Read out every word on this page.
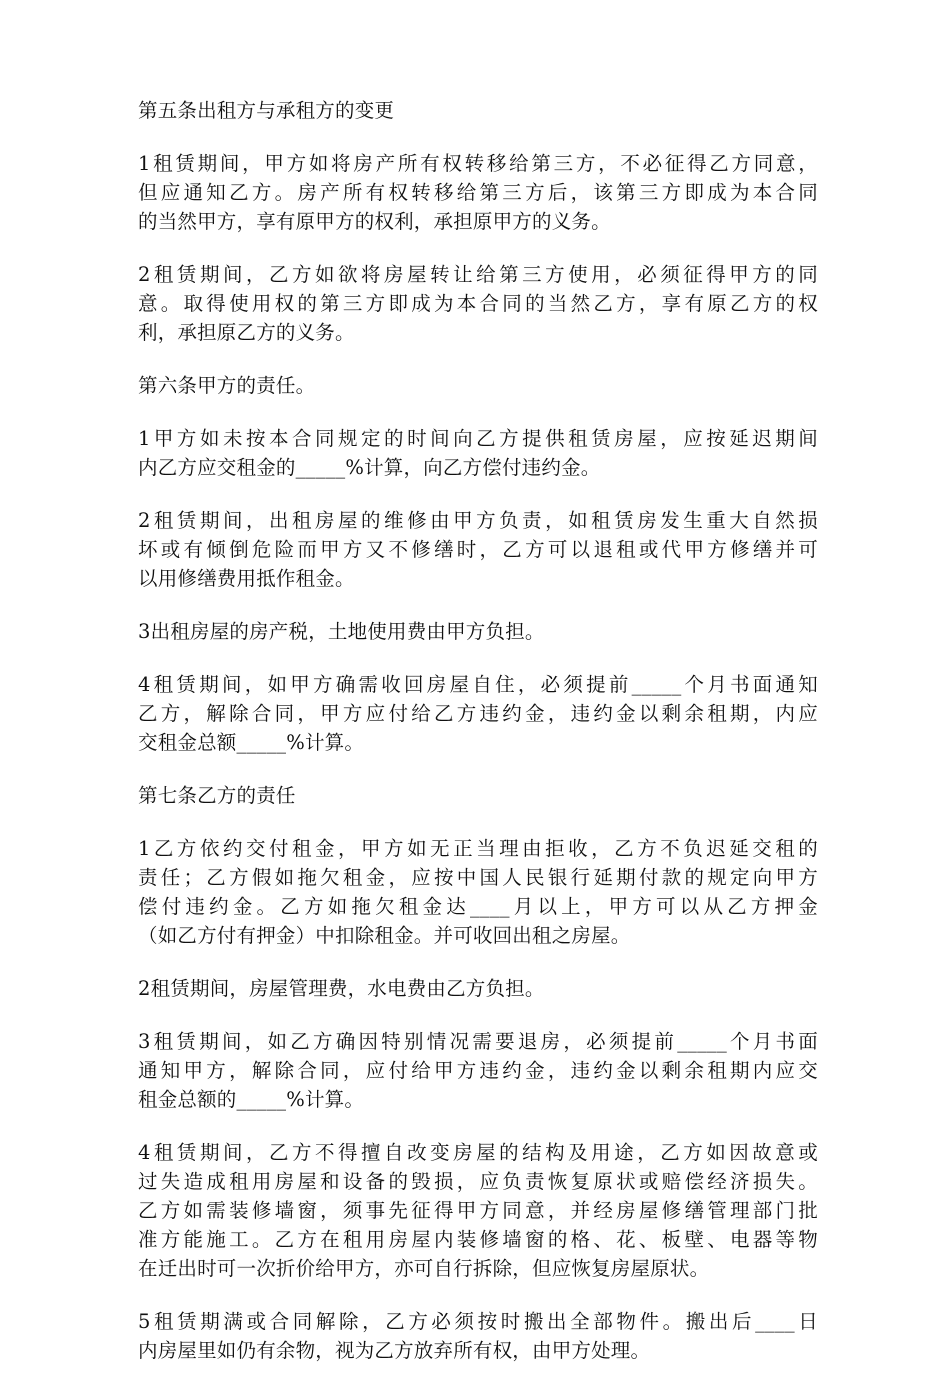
第五条出租方与承租方的变更
1租赁期间，甲方如将房产所有权转移给第三方，不必征得乙方同意，
但应通知乙方。房产所有权转移给第三方后，该第三方即成为本合同
的当然甲方，享有原甲方的权利，承担原甲方的义务。
2租赁期间，乙方如欲将房屋转让给第三方使用，必须征得甲方的同
意。取得使用权的第三方即成为本合同的当然乙方，享有原乙方的权
利，承担原乙方的义务。
第六条甲方的责任。
1甲方如未按本合同规定的时间向乙方提供租赁房屋，应按延迟期间
内乙方应交租金的_____%计算，向乙方偿付违约金。
2租赁期间，出租房屋的维修由甲方负责，如租赁房发生重大自然损
坏或有倾倒危险而甲方又不修缮时，乙方可以退租或代甲方修缮并可
以用修缮费用抵作租金。
3出租房屋的房产税，土地使用费由甲方负担。
4租赁期间，如甲方确需收回房屋自住，必须提前_____个月书面通知
乙方，解除合同，甲方应付给乙方违约金，违约金以剩余租期，内应
交租金总额_____%计算。
第七条乙方的责任
1乙方依约交付租金，甲方如无正当理由拒收，乙方不负迟延交租的
责任；乙方假如拖欠租金，应按中国人民银行延期付款的规定向甲方
偿付违约金。乙方如拖欠租金达____月以上，甲方可以从乙方押金
（如乙方付有押金）中扣除租金。并可收回出租之房屋。
2租赁期间，房屋管理费，水电费由乙方负担。
3租赁期间，如乙方确因特别情况需要退房，必须提前_____个月书面
通知甲方，解除合同，应付给甲方违约金，违约金以剩余租期内应交
租金总额的_____%计算。
4租赁期间，乙方不得擅自改变房屋的结构及用途，乙方如因故意或
过失造成租用房屋和设备的毁损，应负责恢复原状或赔偿经济损失。
乙方如需装修墙窗，须事先征得甲方同意，并经房屋修缮管理部门批
准方能施工。乙方在租用房屋内装修墙窗的格、花、板壁、电器等物
在迁出时可一次折价给甲方，亦可自行拆除，但应恢复房屋原状。
5租赁期满或合同解除，乙方必须按时搬出全部物件。搬出后____日
内房屋里如仍有余物，视为乙方放弃所有权，由甲方处理。
